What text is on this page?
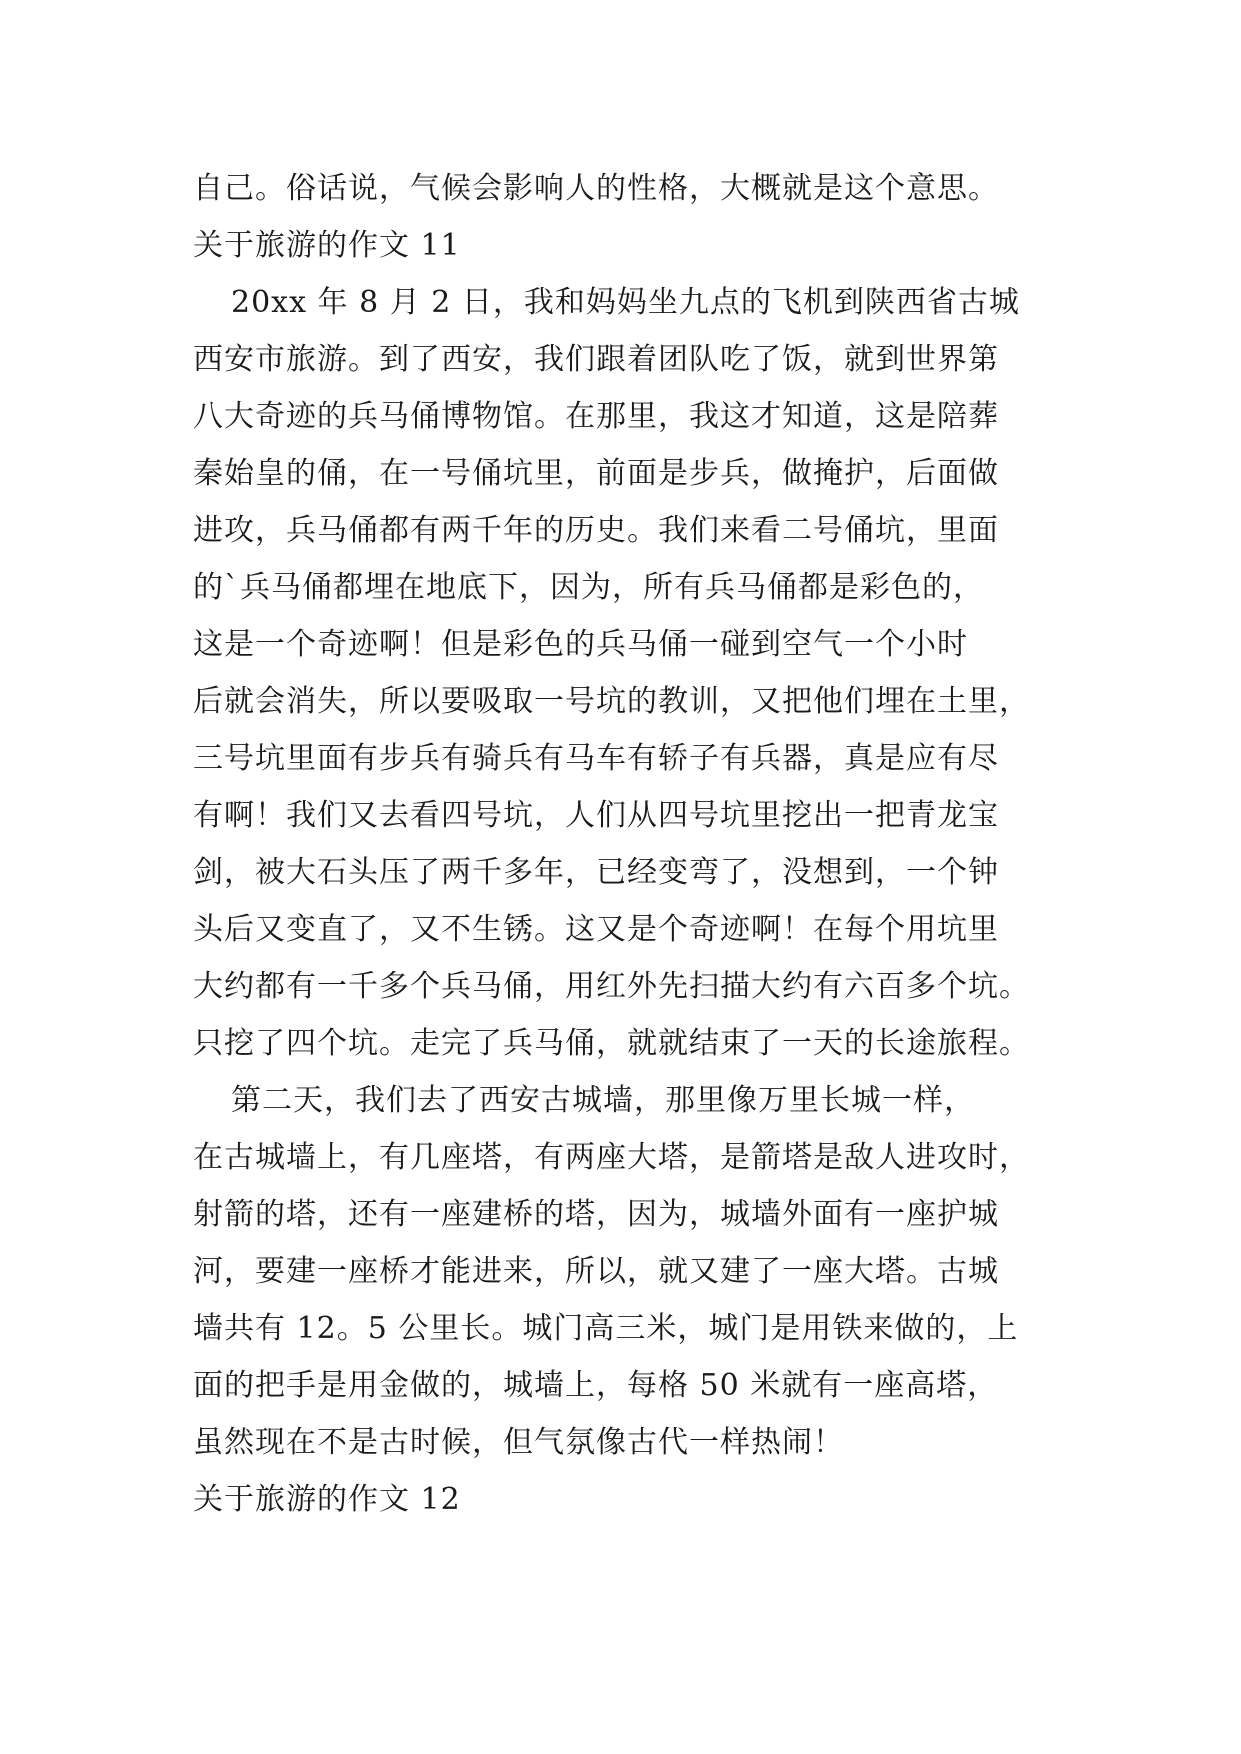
自己。俗话说，气候会影响人的性格，大概就是这个意思。
关于旅游的作文 11
20xx 年 8 月 2 日，我和妈妈坐九点的飞机到陕西省古城
西安市旅游。到了西安，我们跟着团队吃了饭，就到世界第
八大奇迹的兵马俑博物馆。在那里，我这才知道，这是陪葬
秦始皇的俑，在一号俑坑里，前面是步兵，做掩护，后面做
进攻，兵马俑都有两千年的历史。我们来看二号俑坑，里面
的`兵马俑都埋在地底下，因为，所有兵马俑都是彩色的，
这是一个奇迹啊！但是彩色的兵马俑一碰到空气一个小时
后就会消失，所以要吸取一号坑的教训，又把他们埋在土里，
三号坑里面有步兵有骑兵有马车有轿子有兵器，真是应有尽
有啊！我们又去看四号坑，人们从四号坑里挖出一把青龙宝
剑，被大石头压了两千多年，已经变弯了，没想到，一个钟
头后又变直了，又不生锈。这又是个奇迹啊！在每个用坑里
大约都有一千多个兵马俑，用红外先扫描大约有六百多个坑。
只挖了四个坑。走完了兵马俑，就就结束了一天的长途旅程。
第二天，我们去了西安古城墙，那里像万里长城一样，
在古城墙上，有几座塔，有两座大塔，是箭塔是敌人进攻时，
射箭的塔，还有一座建桥的塔，因为，城墙外面有一座护城
河，要建一座桥才能进来，所以，就又建了一座大塔。古城
墙共有 12。5 公里长。城门高三米，城门是用铁来做的，上
面的把手是用金做的，城墙上，每格 50 米就有一座高塔，
虽然现在不是古时候，但气氛像古代一样热闹！
关于旅游的作文 12
